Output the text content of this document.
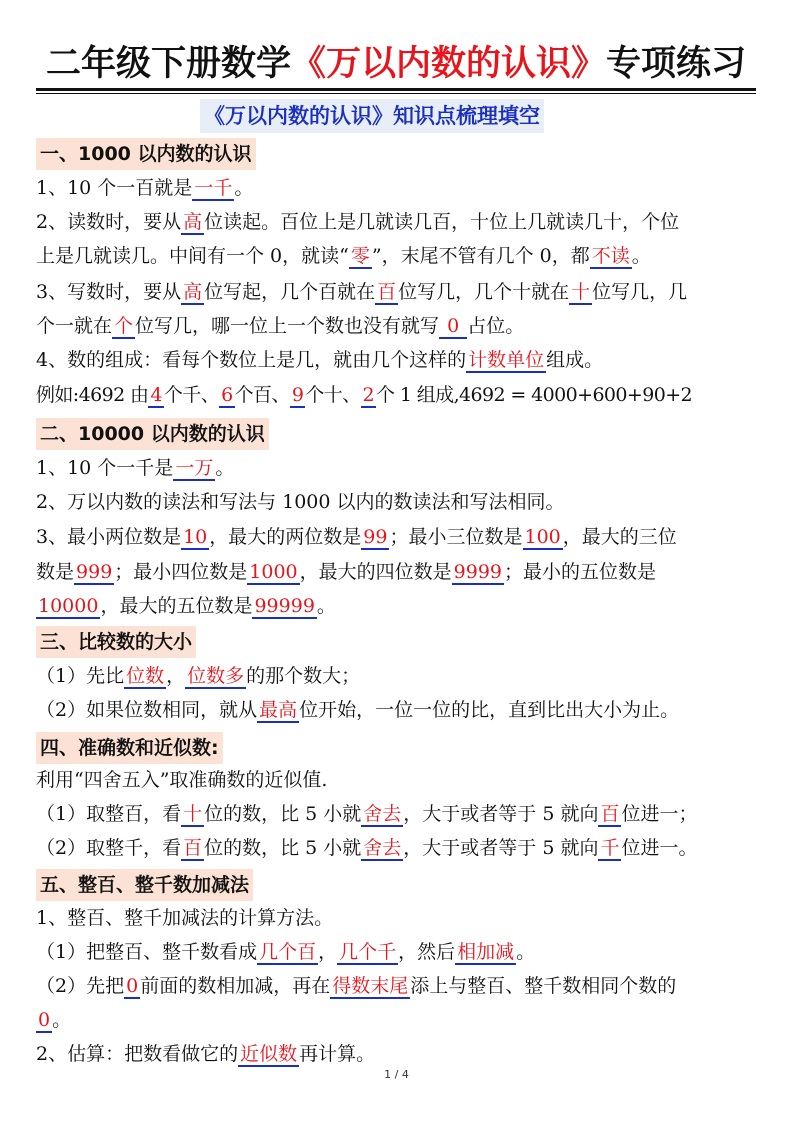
二年级下册数学《万以内数的认识》专项练习
《万以内数的认识》知识点梳理填空
一、1000 以内数的认识
1、10 个一百就是 一千 。
2、读数时，要从 高 位读起。百位上是几就读几百，十位上几就读几十，个位
上是几就读几。中间有一个 0，就读“ 零 ”，末尾不管有几个 0，都 不读 。
3、写数时，要从 高 位写起，几个百就在 百 位写几，几个十就在 十 位写几，几
个一就在 个 位写几，哪一位上一个数也没有就写 0 占位。
4、数的组成：看每个数位上是几，就由几个这样的 计数单位 组成。
例如:4692 由 4 个千、 6 个百、 9 个十、 2 个 1 组成,4692 = 4000+600+90+2
二、10000 以内数的认识
1、10 个一千是 一万 。
2、万以内数的读法和写法与 1000 以内的数读法和写法相同。
3、最小两位数是 10 ，最大的两位数是 99 ；最小三位数是 100 ，最大的三位
数是 999 ；最小四位数是 1000 ，最大的四位数是 9999 ；最小的五位数是
10000 ，最大的五位数是 99999 。
三、比较数的大小
（1）先比 位数 ， 位数多 的那个数大；
（2）如果位数相同，就从 最高 位开始，一位一位的比，直到比出大小为止。
四、准确数和近似数:
利用“四舍五入”取准确数的近似值.
（1）取整百，看 十 位的数，比 5 小就 舍去 ，大于或者等于 5 就向 百 位进一；
（2）取整千，看 百 位的数，比 5 小就 舍去 ，大于或者等于 5 就向 千 位进一。
五、整百、整千数加减法
1、整百、整千加减法的计算方法。
（1）把整百、整千数看成 几个百 ， 几个千 ，然后 相加减 。
（2）先把 0 前面的数相加减，再在 得数末尾 添上与整百、整千数相同个数的
0 。
2、估算：把数看做它的 近似数 再计算。
1 / 4
